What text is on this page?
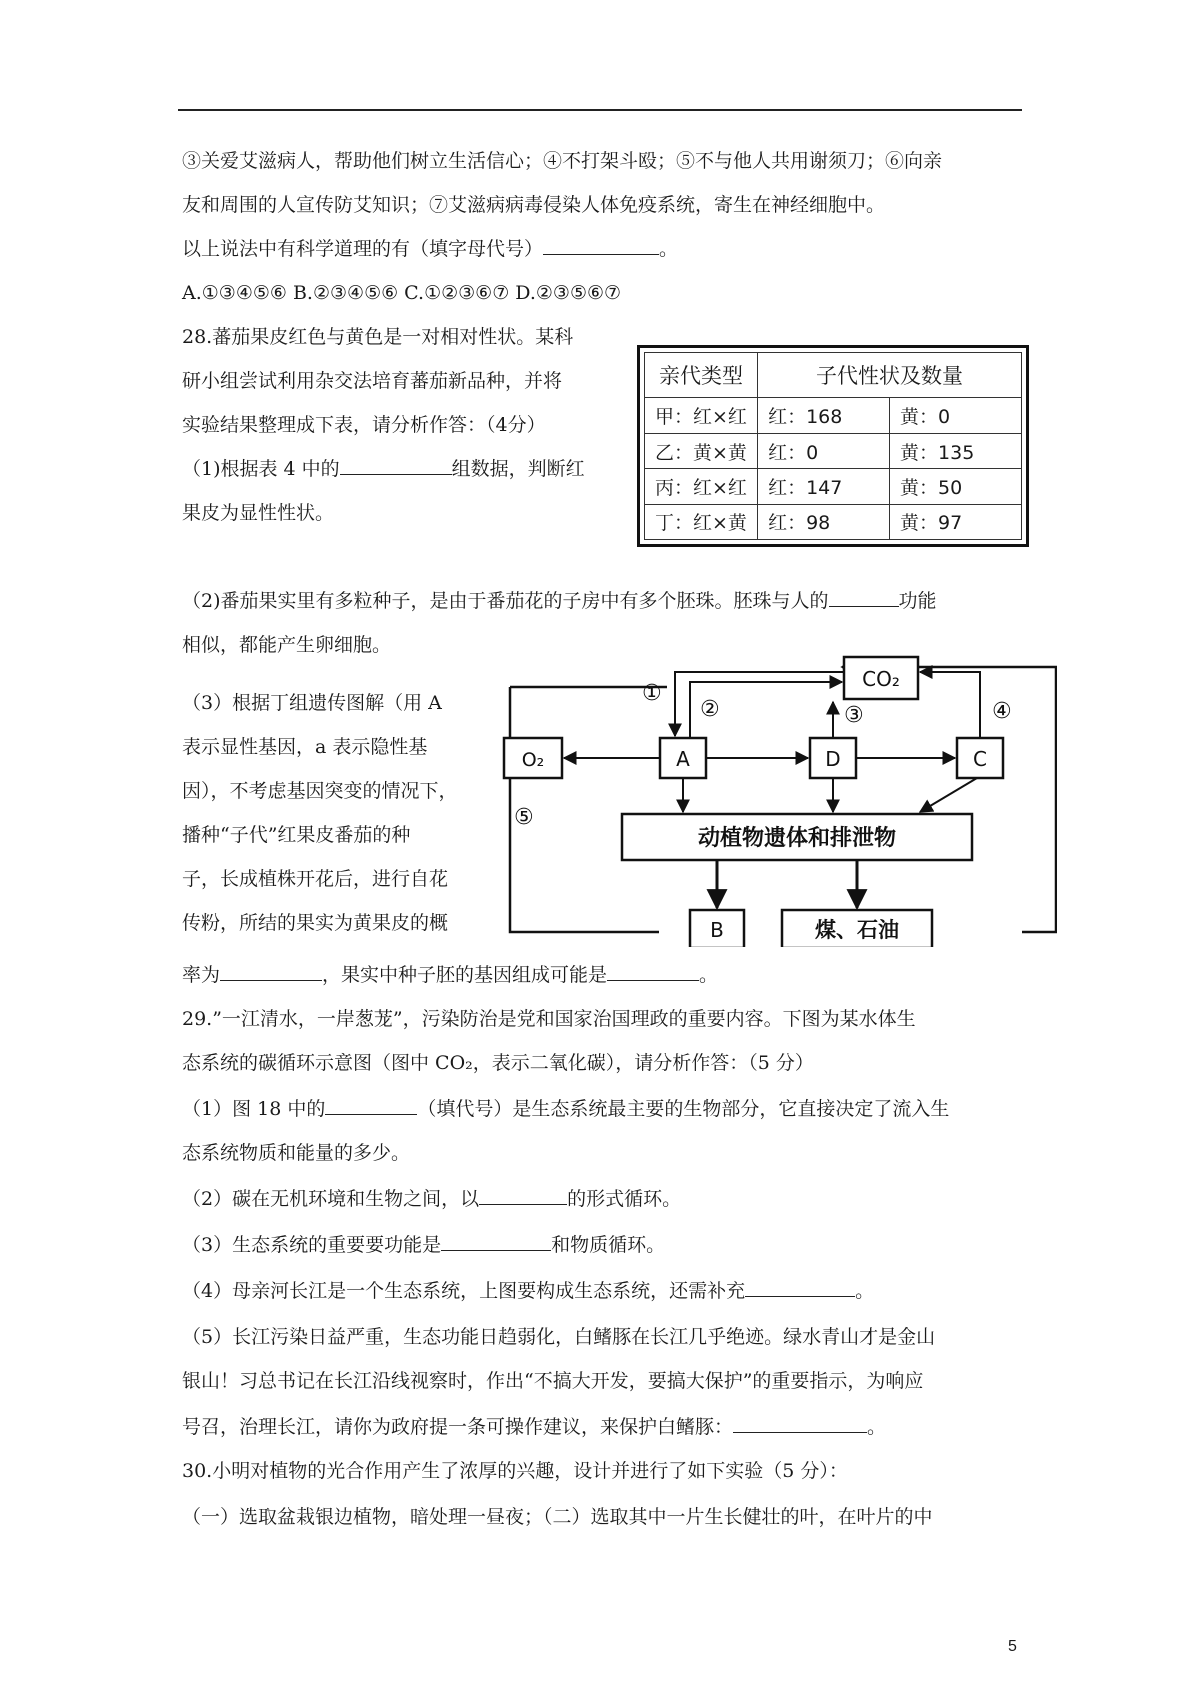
③关爱艾滋病人，帮助他们树立生活信心；④不打架斗殴；⑤不与他人共用谢须刀；⑥向亲
友和周围的人宣传防艾知识；⑦艾滋病病毒侵染人体免疫系统，寄生在神经细胞中。
以上说法中有科学道理的有（填字母代号）	。
A.①③④⑤⑥ B.②③④⑤⑥ C.①②③⑥⑦ D.②③⑤⑥⑦
28.蕃茄果皮红色与黄色是一对相对性状。某科
研小组尝试利用杂交法培育蕃茄新品种，并将
实验结果整理成下表，请分析作答：（4分）
（1)根据表 4 中的	组数据，判断红
果皮为显性性状。
亲代类型	子代性状及数量	
甲：红×红	红：168	黄：0
乙：黄×黄	红：0	黄：135
丙：红×红	红：147	黄：50
丁：红×黄	红：98	黄：97
（2)番茄果实里有多粒种子，是由于番茄花的子房中有多个胚珠。胚珠与人的	功能
相似，都能产生卵细胞。
（3）根据丁组遗传图解（用 A
表示显性基因，a 表示隐性基
因），不考虑基因突变的情况下，
播种“子代”红果皮番茄的种
子，长成植株开花后，进行自花
传粉，所结的果实为黄果皮的概
率为	，果实中种子胚的基因组成可能是	。
CO₂
A
O₂	D	C
动植物遗体和排泄物
B	煤、石油
①
②	③	④
⑤
29.”一江清水，一岸葱茏”，污染防治是党和国家治国理政的重要内容。下图为某水体生
态系统的碳循环示意图（图中 CO₂，表示二氧化碳），请分析作答：（5 分）
（1）图 18 中的	（填代号）是生态系统最主要的生物部分，它直接决定了流入生
态系统物质和能量的多少。
（2）碳在无机环境和生物之间，以	的形式循环。
（3）生态系统的重要要功能是	和物质循环。
（4）母亲河长江是一个生态系统，上图要构成生态系统，还需补充	。
（5）长江污染日益严重，生态功能日趋弱化，白鳍豚在长江几乎绝迹。绿水青山才是金山
银山！习总书记在长江沿线视察时，作出“不搞大开发，要搞大保护”的重要指示，为响应
号召，治理长江，请你为政府提一条可操作建议，来保护白鳍豚：	。
30.小明对植物的光合作用产生了浓厚的兴趣，设计并进行了如下实验（5 分）：
（一）选取盆栽银边植物，暗处理一昼夜；（二）选取其中一片生长健壮的叶，在叶片的中
5
